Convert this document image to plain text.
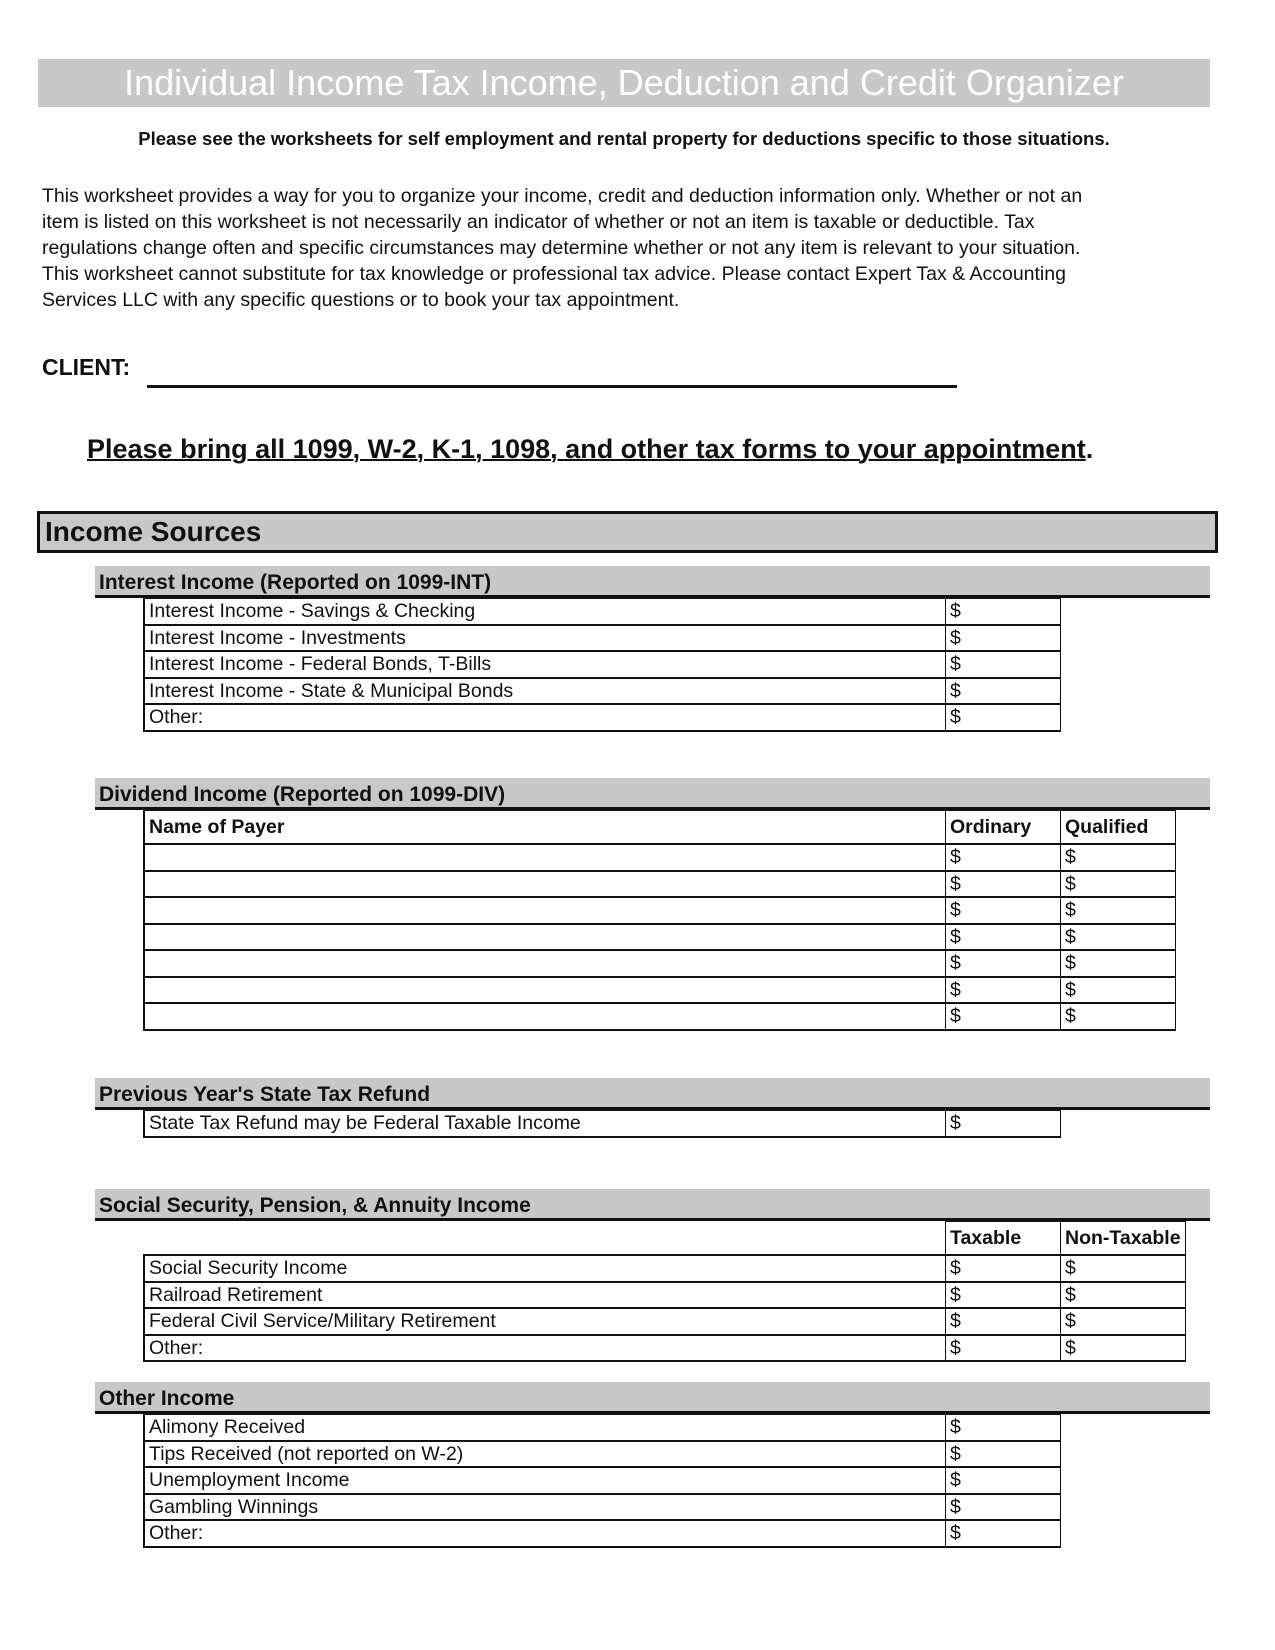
Individual Income Tax Income, Deduction and Credit Organizer
Please see the worksheets for self employment and rental property for deductions specific to those situations.
This worksheet provides a way for you to organize your income, credit and deduction information only. Whether or not an
item is listed on this worksheet is not necessarily an indicator of whether or not an item is taxable or deductible. Tax
regulations change often and specific circumstances may determine whether or not any item is relevant to your situation.
This worksheet cannot substitute for tax knowledge or professional tax advice. Please contact Expert Tax & Accounting
Services LLC with any specific questions or to book your tax appointment.
CLIENT:
Please bring all 1099, W-2, K-1, 1098, and other tax forms to your appointment.
Income Sources
Interest Income (Reported on 1099-INT)
Interest Income - Savings & Checking	$
Interest Income - Investments	$
Interest Income - Federal Bonds, T-Bills	$
Interest Income - State & Municipal Bonds	$
Other:	$
Dividend Income (Reported on 1099-DIV)
Name of Payer	Ordinary	Qualified
	$	$
	$	$
	$	$
	$	$
	$	$
	$	$
	$	$
Previous Year's State Tax Refund
State Tax Refund may be Federal Taxable Income	$
Social Security, Pension, & Annuity Income
	Taxable	Non-Taxable
Social Security Income	$	$
Railroad Retirement	$	$
Federal Civil Service/Military Retirement	$	$
Other:	$	$
Other Income
Alimony Received	$
Tips Received (not reported on W-2)	$
Unemployment Income	$
Gambling Winnings	$
Other:	$
